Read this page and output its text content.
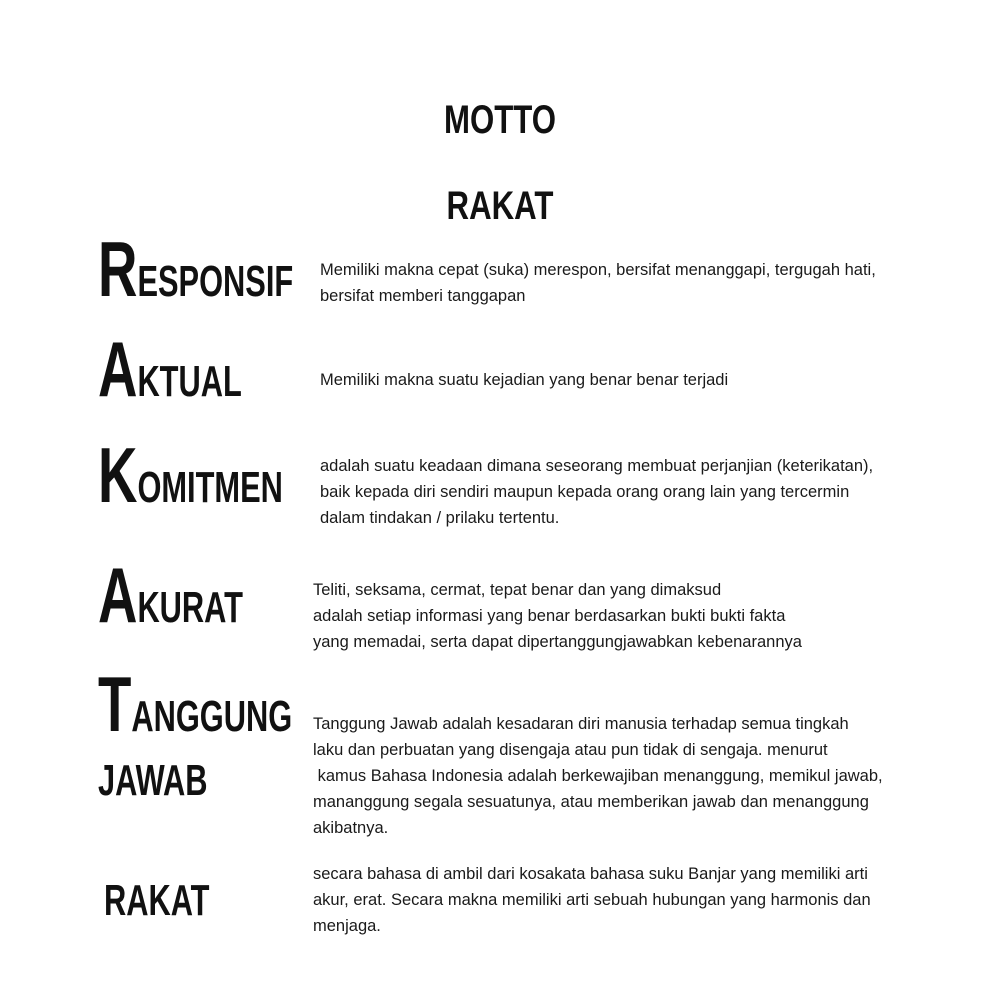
MOTTO
RAKAT

RESPONSIF Memiliki makna cepat (suka) merespon, bersifat menanggapi, tergugah hati,
bersifat memberi tanggapan

AKTUAL	Memiliki makna suatu kejadian yang benar benar terjadi

KOMITMEN adalah suatu keadaan dimana seseorang membuat perjanjian (keterikatan),
baik kepada diri sendiri maupun kepada orang orang lain yang tercermin
dalam tindakan / prilaku tertentu.

AKURAT	Teliti, seksama, cermat, tepat benar dan yang dimaksud
adalah setiap informasi yang benar berdasarkan bukti bukti fakta
yang memadai, serta dapat dipertanggungjawabkan kebenarannya

TANGGUNG

JAWAB

Tanggung Jawab adalah kesadaran diri manusia terhadap semua tingkah
laku dan perbuatan yang disengaja atau pun tidak di sengaja. menurut
kamus Bahasa Indonesia adalah berkewajiban menanggung, memikul jawab,
mananggung segala sesuatunya, atau memberikan jawab dan menanggung
akibatnya.

RAKAT

secara bahasa di ambil dari kosakata bahasa suku Banjar yang memiliki arti
akur, erat. Secara makna memiliki arti sebuah hubungan yang harmonis dan
menjaga.
